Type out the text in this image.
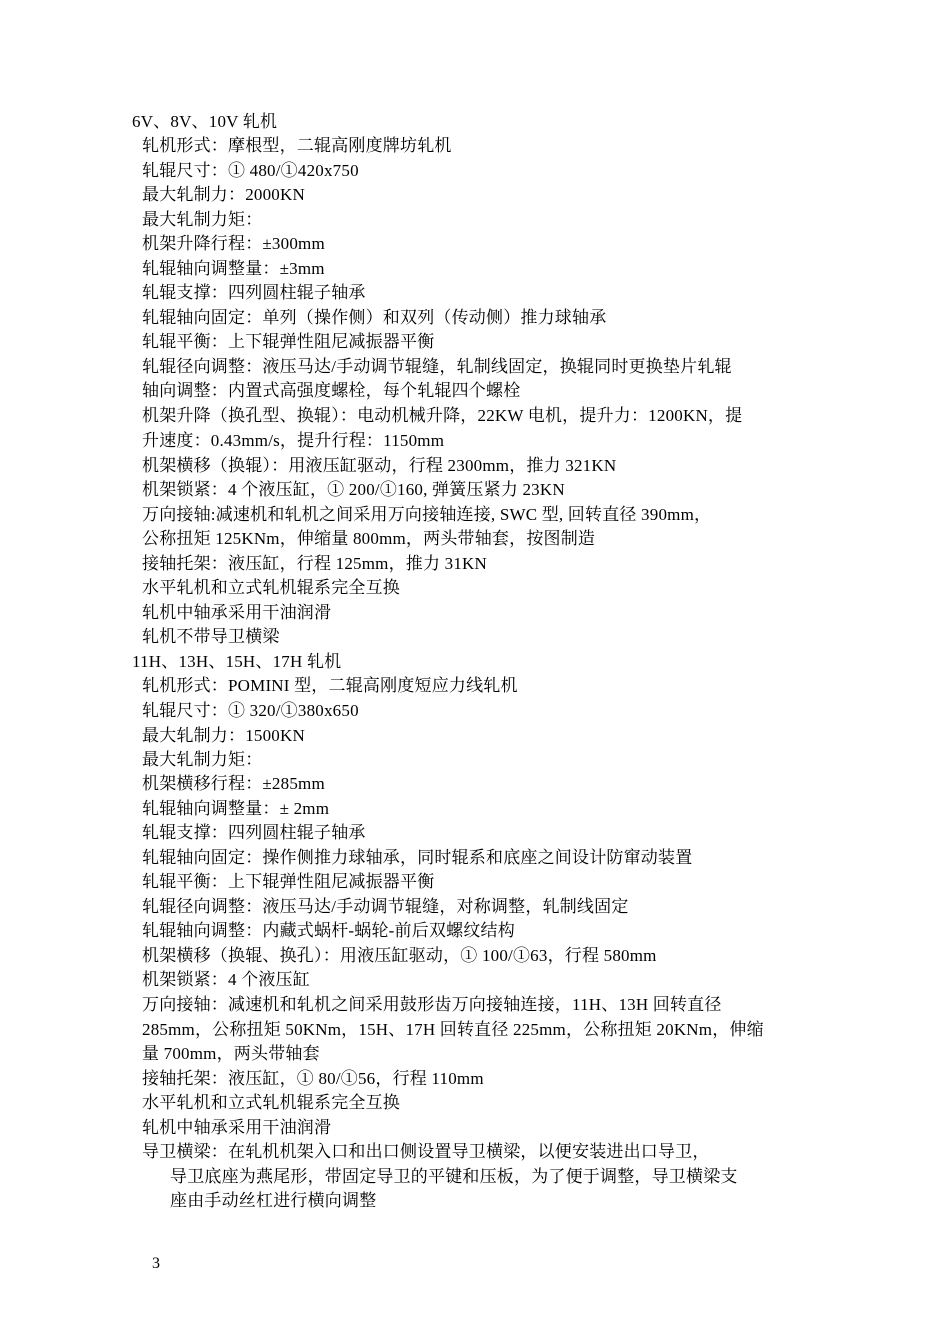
6V、8V、10V 轧机
轧机形式：摩根型，二辊高刚度牌坊轧机
轧辊尺寸：① 480/①420x750
最大轧制力：2000KN
最大轧制力矩：
机架升降行程：±300mm
轧辊轴向调整量：±3mm
轧辊支撑：四列圆柱辊子轴承
轧辊轴向固定：单列（操作侧）和双列（传动侧）推力球轴承
轧辊平衡：上下辊弹性阻尼减振器平衡
轧辊径向调整：液压马达/手动调节辊缝，轧制线固定，换辊同时更换垫片轧辊
轴向调整：内置式高强度螺栓，每个轧辊四个螺栓
机架升降（换孔型、换辊）：电动机械升降，22KW 电机，提升力：1200KN，提
升速度：0.43mm/s，提升行程：1150mm
机架横移（换辊）：用液压缸驱动，行程 2300mm，推力 321KN
机架锁紧：4 个液压缸，① 200/①160, 弹簧压紧力 23KN
万向接轴:减速机和轧机之间采用万向接轴连接, SWC 型, 回转直径 390mm，
公称扭矩 125KNm，伸缩量 800mm，两头带轴套，按图制造
接轴托架：液压缸，行程 125mm，推力 31KN
水平轧机和立式轧机辊系完全互换
轧机中轴承采用干油润滑
轧机不带导卫横梁
11H、13H、15H、17H 轧机
轧机形式：POMINI 型，二辊高刚度短应力线轧机
轧辊尺寸：① 320/①380x650
最大轧制力：1500KN
最大轧制力矩：
机架横移行程：±285mm
轧辊轴向调整量：± 2mm
轧辊支撑：四列圆柱辊子轴承
轧辊轴向固定：操作侧推力球轴承，同时辊系和底座之间设计防窜动装置
轧辊平衡：上下辊弹性阻尼减振器平衡
轧辊径向调整：液压马达/手动调节辊缝，对称调整，轧制线固定
轧辊轴向调整：内藏式蜗杆-蜗轮-前后双螺纹结构
机架横移（换辊、换孔）：用液压缸驱动，① 100/①63，行程 580mm
机架锁紧：4 个液压缸
万向接轴：减速机和轧机之间采用鼓形齿万向接轴连接，11H、13H 回转直径
285mm，公称扭矩 50KNm，15H、17H 回转直径 225mm，公称扭矩 20KNm，伸缩
量 700mm，两头带轴套
接轴托架：液压缸，① 80/①56，行程 110mm
水平轧机和立式轧机辊系完全互换
轧机中轴承采用干油润滑
导卫横梁：在轧机机架入口和出口侧设置导卫横梁，以便安装进出口导卫，
导卫底座为燕尾形，带固定导卫的平键和压板，为了便于调整，导卫横梁支
座由手动丝杠进行横向调整
3
